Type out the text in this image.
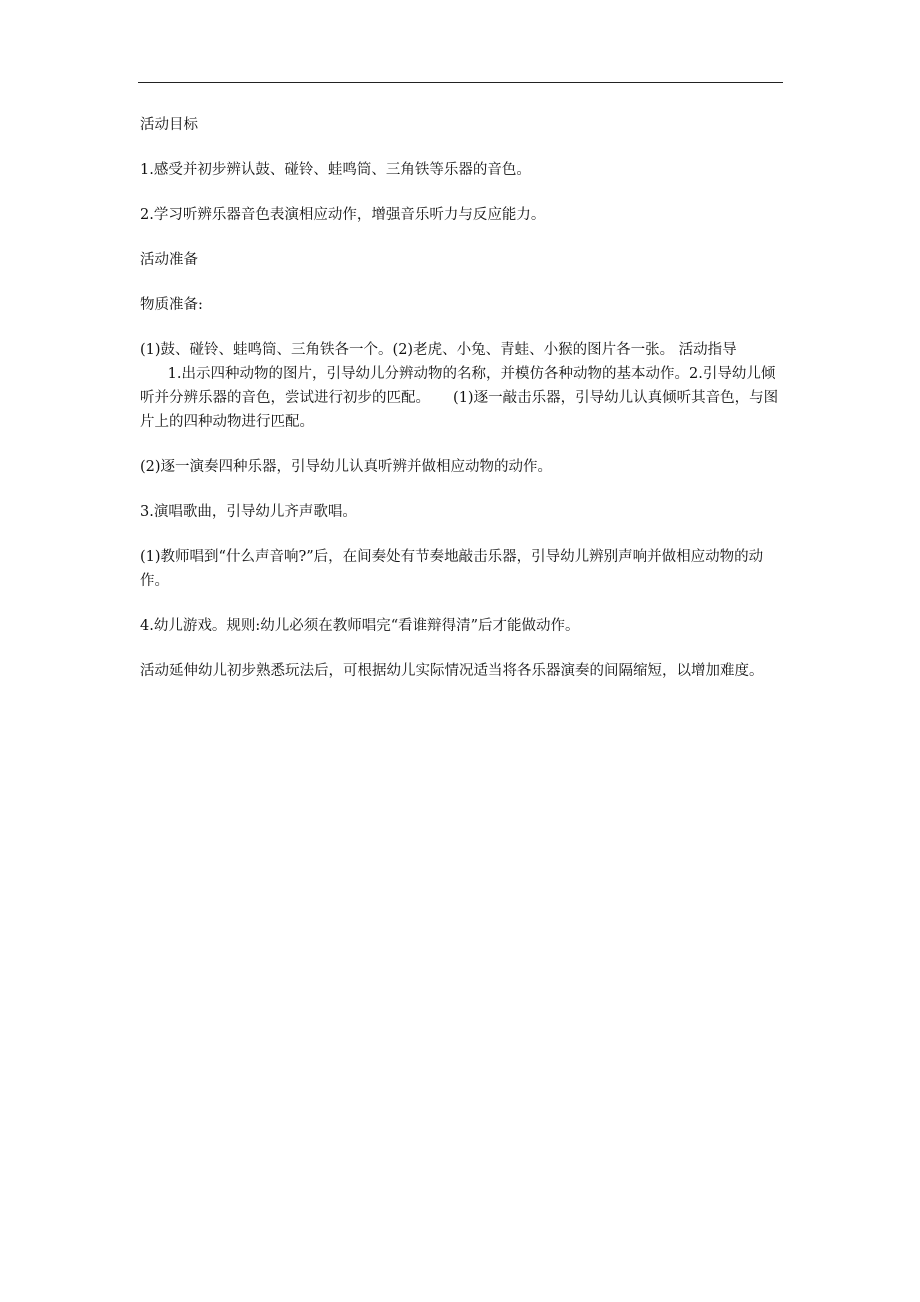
活动目标

1.感受并初步辨认鼓、碰铃、蛙鸣筒、三角铁等乐器的音色。

2.学习听辨乐器音色表演相应动作，增强音乐听力与反应能力。

活动准备

物质准备:

(1)鼓、碰铃、蛙鸣筒、三角铁各一个。(2)老虎、小兔、青蛙、小猴的图片各一张。 活动指导       1.出示四种动物的图片，引导幼儿分辨动物的名称，并模仿各种动物的基本动作。2.引导幼儿倾听并分辨乐器的音色，尝试进行初步的匹配。     (1)逐一敲击乐器，引导幼儿认真倾听其音色，与图片上的四种动物进行匹配。

(2)逐一演奏四种乐器，引导幼儿认真听辨并做相应动物的动作。

3.演唱歌曲，引导幼儿齐声歌唱。

(1)教师唱到“什么声音响?”后，在间奏处有节奏地敲击乐器，引导幼儿辨别声响并做相应动物的动作。

4.幼儿游戏。规则:幼儿必须在教师唱完“看谁辩得清”后才能做动作。

活动延伸幼儿初步熟悉玩法后，可根据幼儿实际情况适当将各乐器演奏的间隔缩短，以增加难度。
